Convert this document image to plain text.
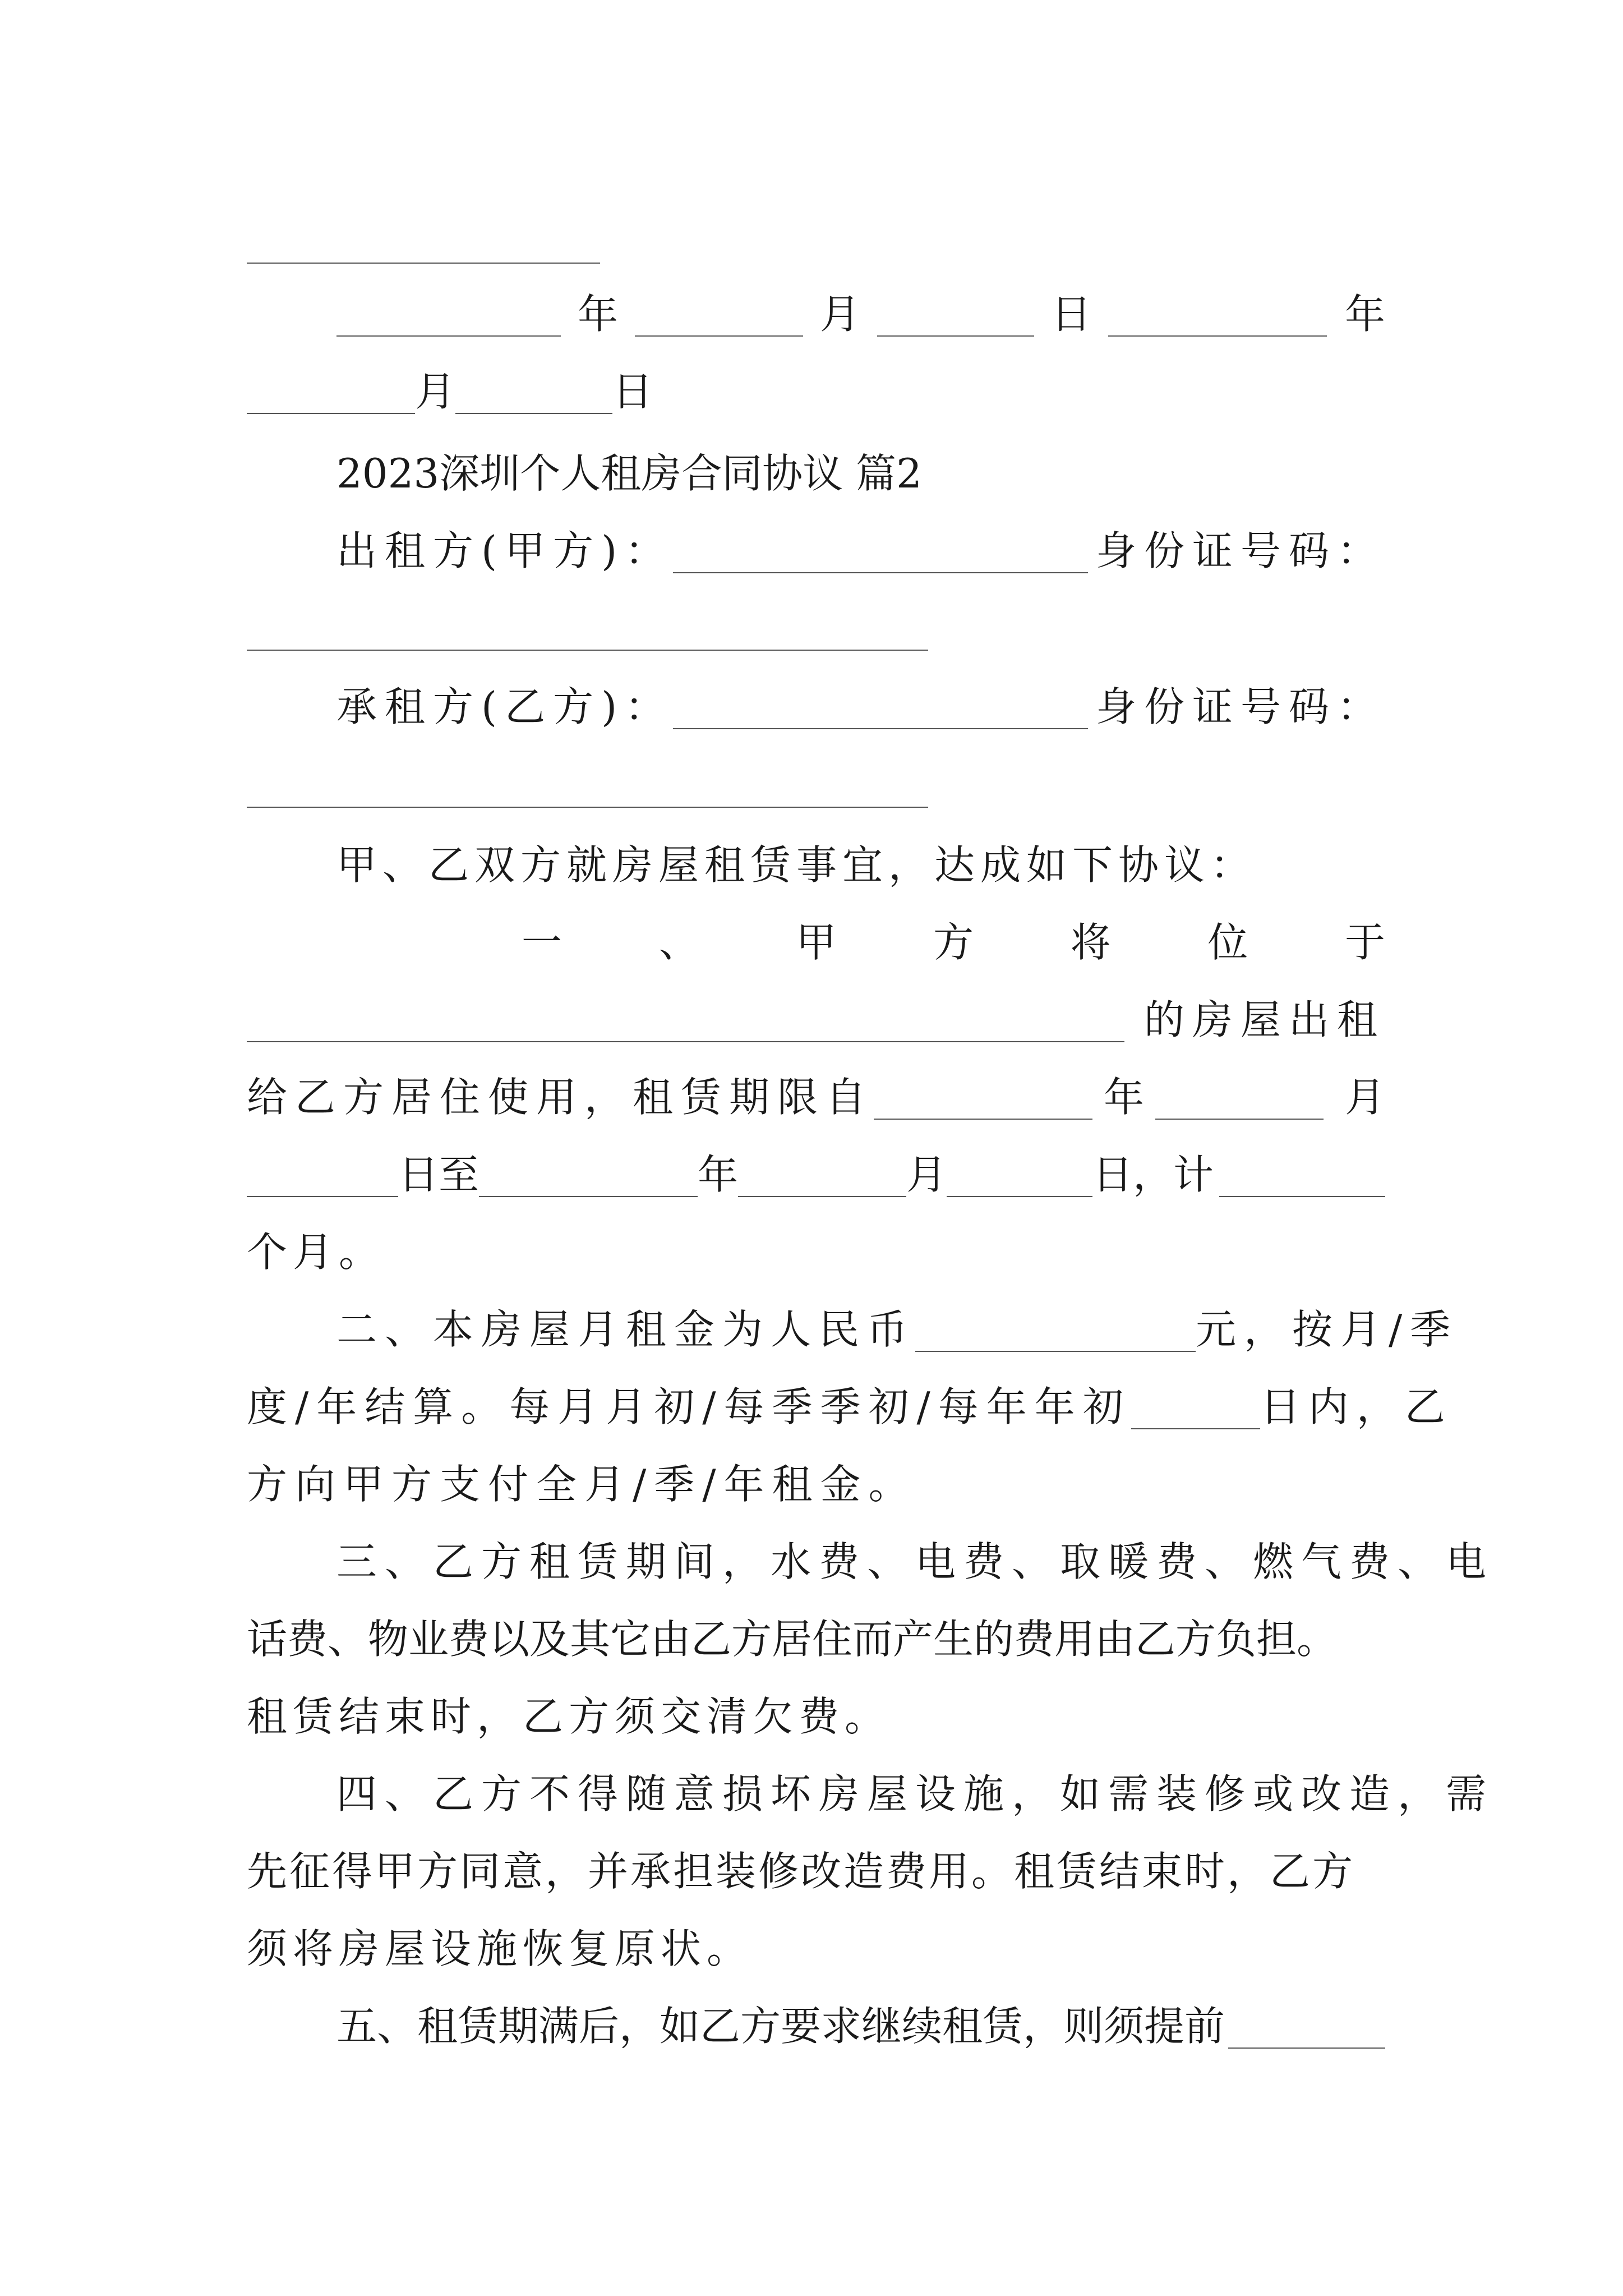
年	月	日	年
月	日
2023深圳个人租房合同协议 篇2
出租方(甲方)：	身份证号码：
承租方(乙方)：	身份证号码：
甲、乙双方就房屋租赁事宜，达成如下协议：
一 、 甲 方 将 位 于
的房屋出租
给乙方居住使用，租赁期限自	年	月
日至	年	月	日，计
个月。
二、本房屋月租金为人民币	元，按月/季
度/年结算。每月月初/每季季初/每年年初	日内，乙
方向甲方支付全月/季/年租金。
三、乙方租赁期间，水费、电费、取暖费、燃气费、电
话费、物业费以及其它由乙方居住而产生的费用由乙方负担。
租赁结束时，乙方须交清欠费。
四、乙方不得随意损坏房屋设施，如需装修或改造，需
先征得甲方同意，并承担装修改造费用。租赁结束时，乙方
须将房屋设施恢复原状。
五、租赁期满后，如乙方要求继续租赁，则须提前
